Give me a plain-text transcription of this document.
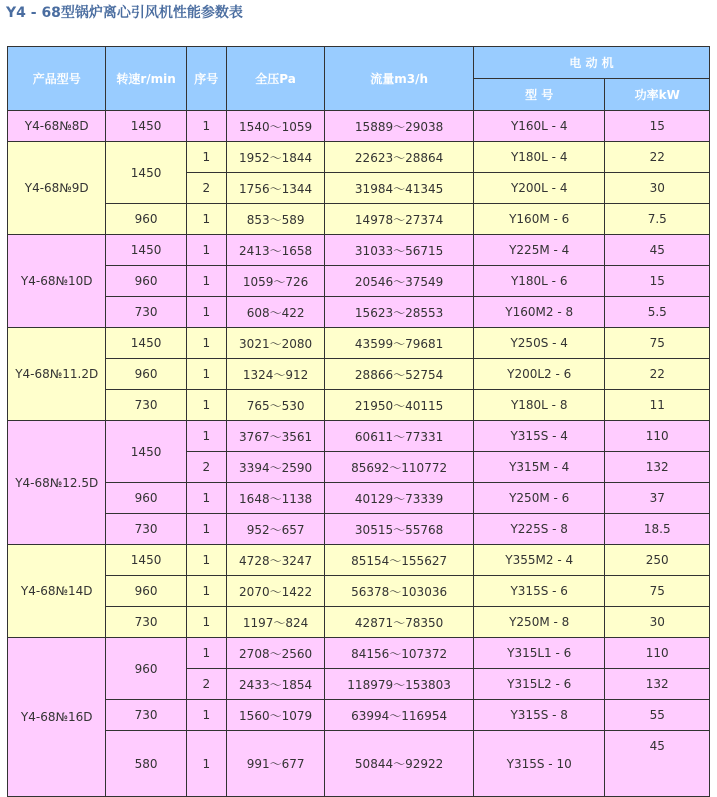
Y4 - 68型锅炉离心引风机性能参数表
产品型号	转速r/min	序号	全压Pa	流量m3/h	电 动 机	
					型 号	功率kW
Y4-68№8D	1450	1	1540～1059	15889～29038	Y160L - 4	15
Y4-68№9D	1450	1	1952～1844	22623～28864	Y180L - 4	22
		2	1756～1344	31984～41345	Y200L - 4	30
	960	1	853～589	14978～27374	Y160M - 6	7.5
Y4-68№10D	1450	1	2413～1658	31033～56715	Y225M - 4	45
	960	1	1059～726	20546～37549	Y180L - 6	15
	730	1	608～422	15623～28553	Y160M2 - 8	5.5
Y4-68№11.2D	1450	1	3021～2080	43599～79681	Y250S - 4	75
	960	1	1324～912	28866～52754	Y200L2 - 6	22
	730	1	765～530	21950～40115	Y180L - 8	11
Y4-68№12.5D	1450	1	3767～3561	60611～77331	Y315S - 4	110
		2	3394～2590	85692～110772	Y315M - 4	132
	960	1	1648～1138	40129～73339	Y250M - 6	37
	730	1	952～657	30515～55768	Y225S - 8	18.5
Y4-68№14D	1450	1	4728～3247	85154～155627	Y355M2 - 4	250
	960	1	2070～1422	56378～103036	Y315S - 6	75
	730	1	1197～824	42871～78350	Y250M - 8	30
Y4-68№16D	960	1	2708～2560	84156～107372	Y315L1 - 6	110
		2	2433～1854	118979～153803	Y315L2 - 6	132
	730	1	1560～1079	63994～116954	Y315S - 8	55
	580	1	991～677	50844～92922	Y315S - 10	45
